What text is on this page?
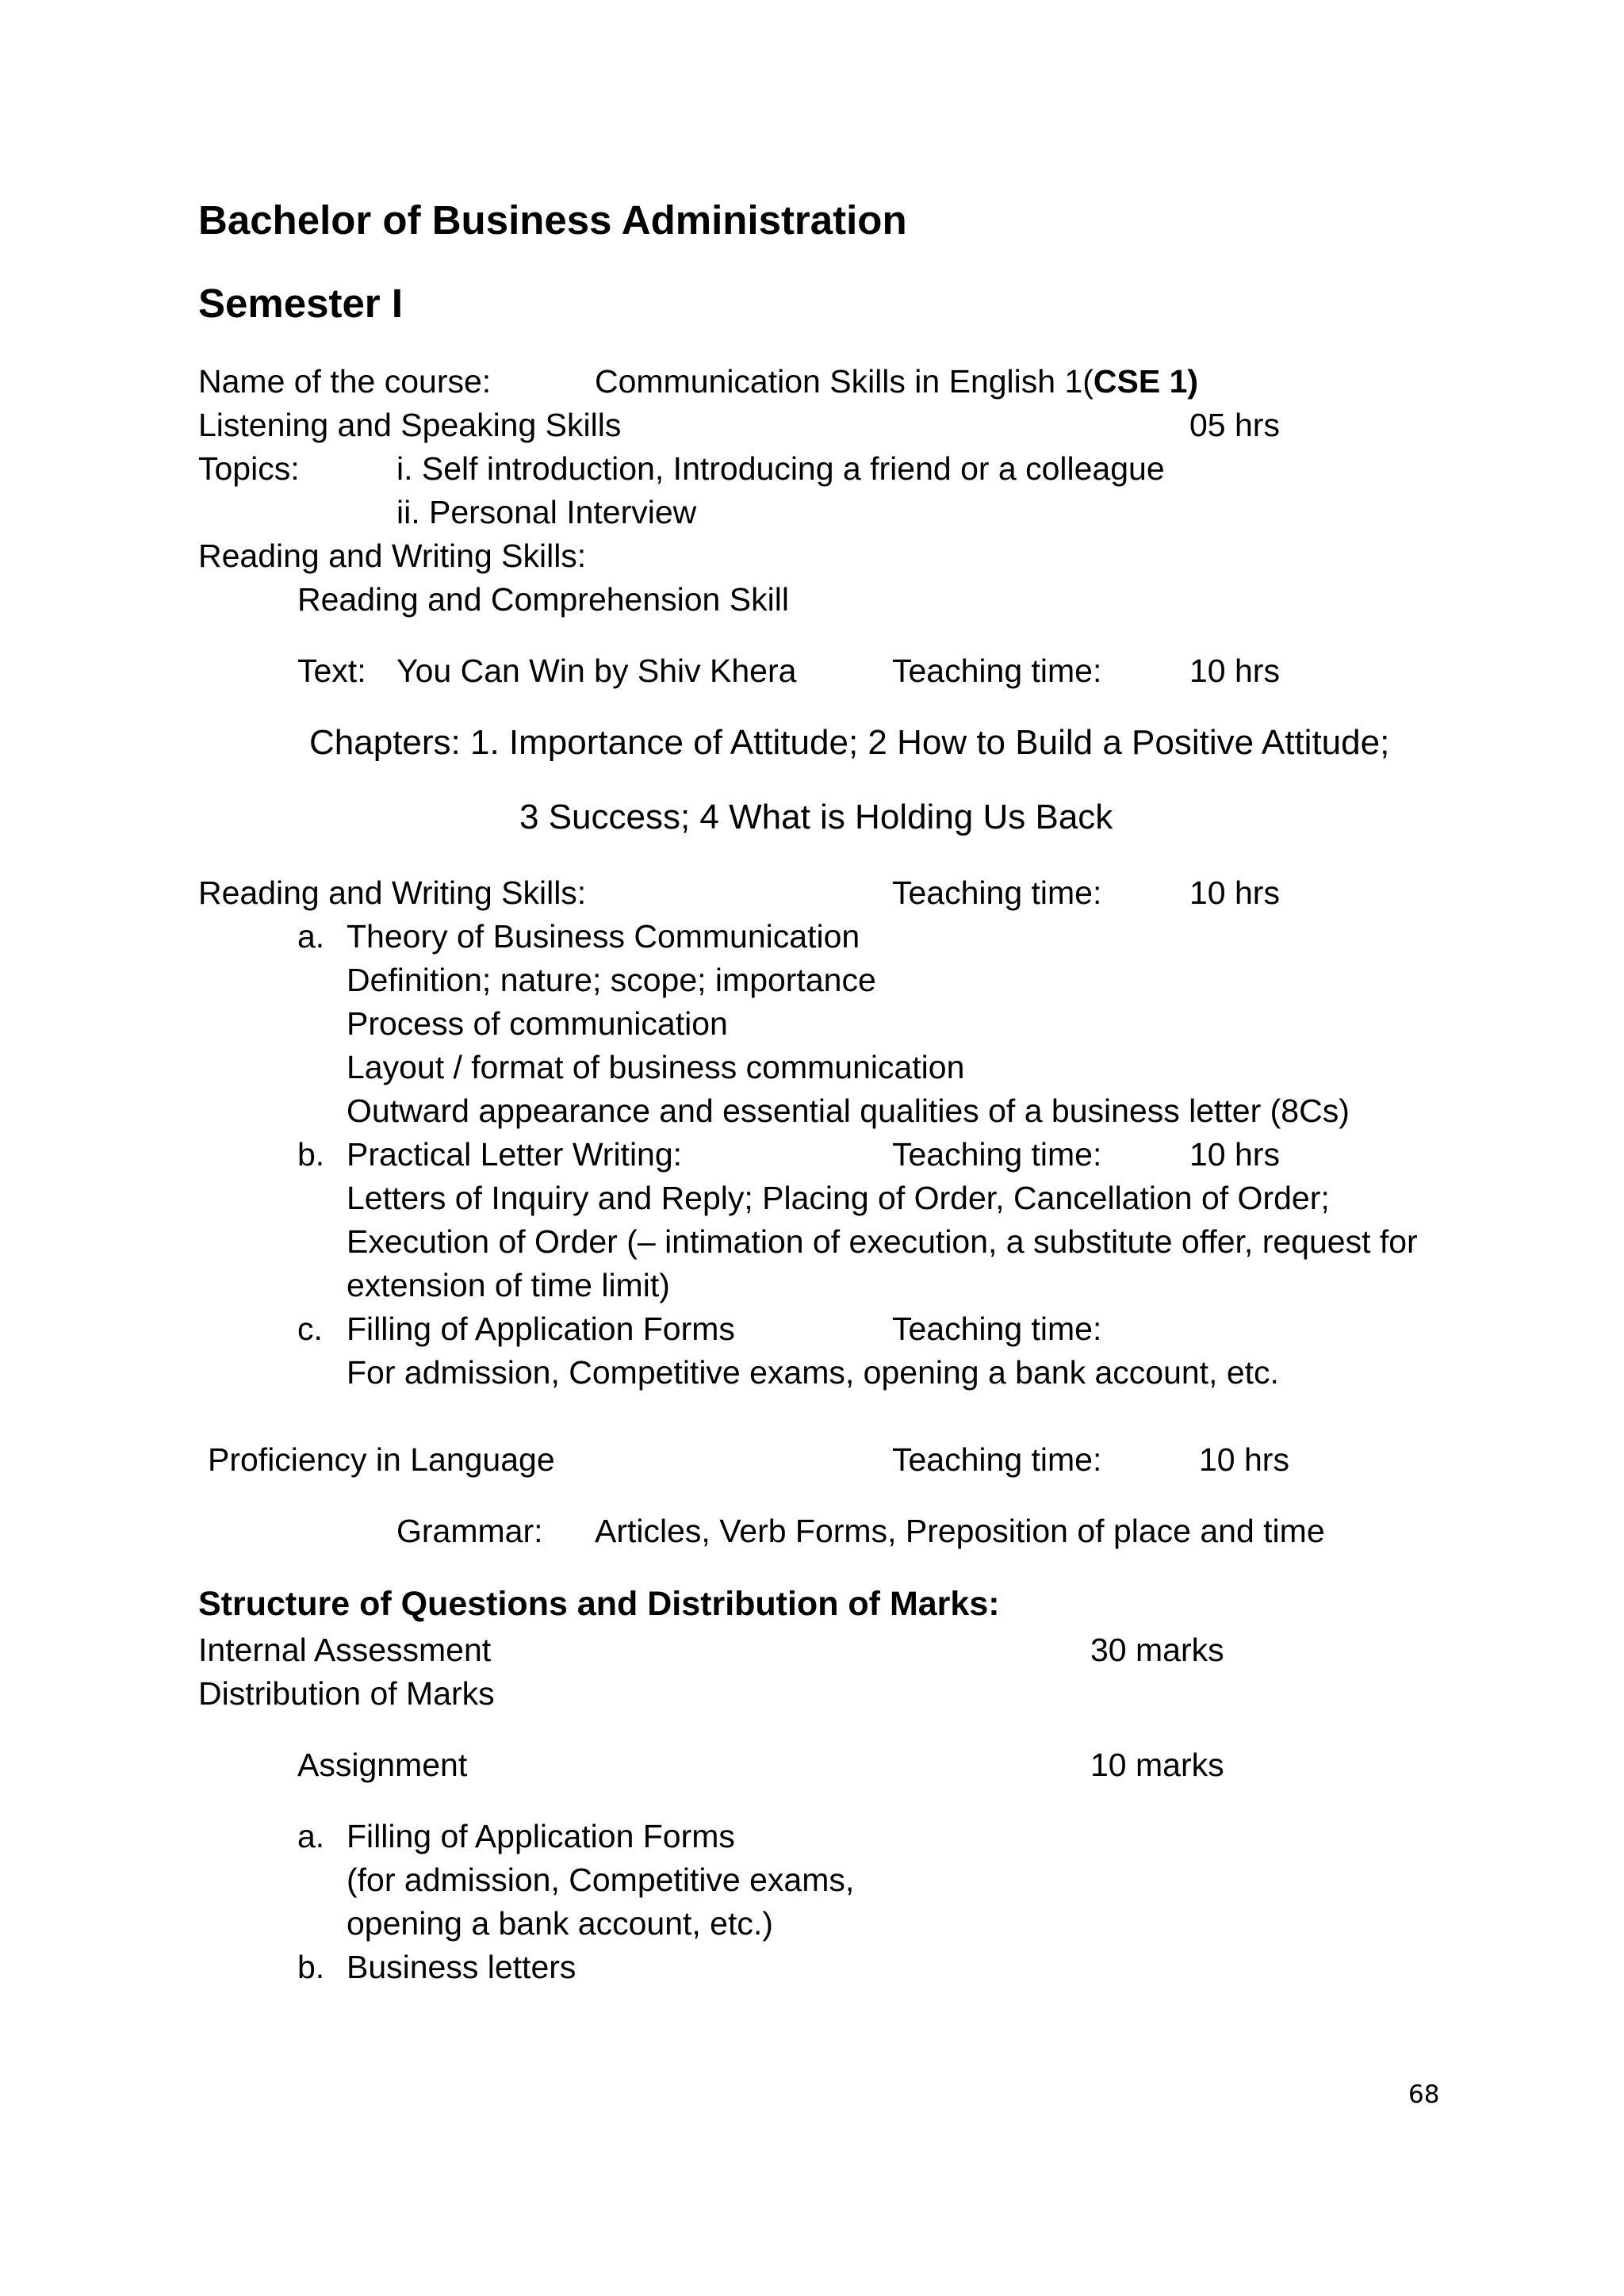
Bachelor of Business Administration
Semester I
Name of the course:	Communication Skills in English 1(CSE 1)
Listening and Speaking Skills	05 hrs
Topics:	i. Self introduction, Introducing a friend or a colleague
ii. Personal Interview
Reading and Writing Skills:
Reading and Comprehension Skill
Text: You Can Win by Shiv Khera	Teaching time:	10 hrs
Chapters: 1. Importance of Attitude; 2 How to Build a Positive Attitude;
3 Success; 4 What is Holding Us Back
Reading and Writing Skills:	Teaching time:	10 hrs
a. Theory of Business Communication
Definition; nature; scope; importance
Process of communication
Layout / format of business communication
Outward appearance and essential qualities of a business letter (8Cs)
b. Practical Letter Writing:	Teaching time:	10 hrs
Letters of Inquiry and Reply; Placing of Order, Cancellation of Order;
Execution of Order (– intimation of execution, a substitute offer, request for
extension of time limit)
c. Filling of Application Forms	Teaching time:
For admission, Competitive exams, opening a bank account, etc.
Proficiency in Language	Teaching time:	10 hrs
Grammar: Articles, Verb Forms, Preposition of place and time
Structure of Questions and Distribution of Marks:
Internal Assessment	30 marks
Distribution of Marks
Assignment	10 marks
a. Filling of Application Forms
(for admission, Competitive exams,
opening a bank account, etc.)
b. Business letters
68
